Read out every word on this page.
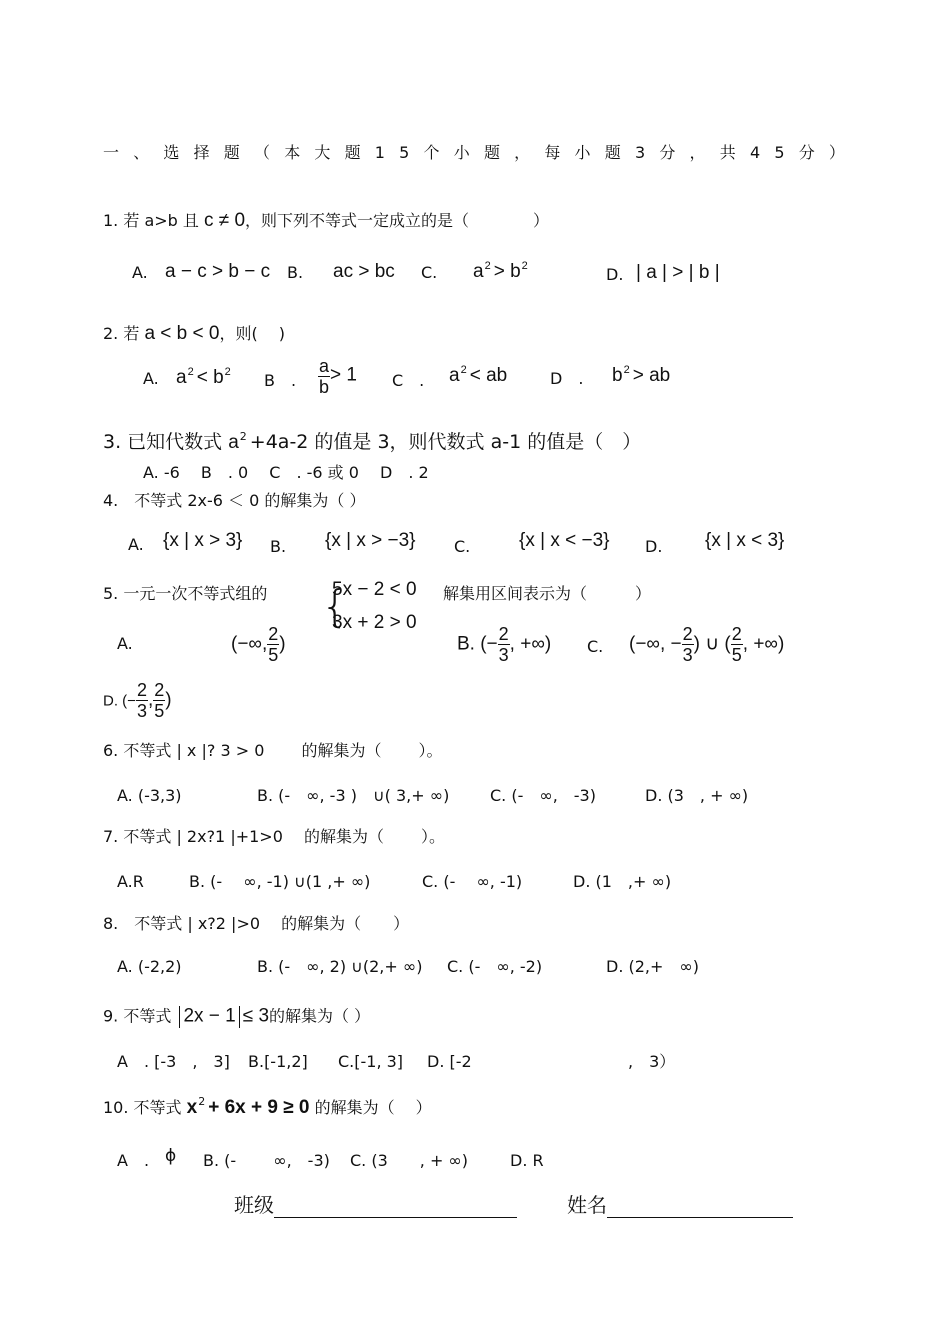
一、选择题（本大题15个小题，每小题3分，共45分）
1. 若 a>b 且 c ≠ 0，则下列不等式一定成立的是（　　　　）
A. a − c > b − c B. ac > bc C. $a^2 > b^2$	D. | a | > | b |
2. 若 a < b < 0，则(　 )
A. $a^2 < b^2$ B　. $\frac{a}{b} > 1$ C　. $a^2$ < ab	D　. $b^2$ > ab
3. 已知代数式 $a^2 +4a-2$ 的值是 3，则代数式 a-1 的值是（　）
A. -6　 B　. 0　 C　. -6 或 0　 D　. 2
4.　不等式 2x-6 ＜ 0 的解集为（ ）
A. {x | x > 3} B. {x | x > −3} C.	{x | x < −3} D. {x | x < 3}
5. 一元一次不等式组的 {
5x − 2 < 0
3x + 2 > 0
解集用区间表示为（　　　）
A.	(−∞, $\frac{2}{5}$ )	B. (− $\frac{2}{3}$ , +∞) C. (−∞, − $\frac{2}{3}$ ) ∪ ( $\frac{2}{5}$ , +∞)
D. (− $\frac{2}{3}$ , $\frac{2}{5}$ )
6. 不等式 | x |? 3 > 0　　 的解集为（　　 ）。
A. (-3,3)	B. (-　∞, -3 )　∪( 3,+ ∞)	C. (-　∞,　-3)	D. (3　, + ∞)
7. 不等式 | 2x?1 |+1>0　 的解集为（　　 ）。
A.R	B. (-　 ∞, -1) ∪(1 ,+ ∞)	C. (-　 ∞, -1)	D. (1　,+ ∞)
8.　不等式 | x?2 |>0　 的解集为（　　）
A. (-2,2)	B. (-　∞, 2) ∪(2,+ ∞) C. (-　∞, -2)	D. (2,+　∞)
9. 不等式 2x − 1 ≤ 3的解集为（ ）
A　. [-3　,　3] B.[-1,2] C.[-1, 3] D. [-2	,　3）
10. 不等式 $x^2 + 6x + 9 \ge 0$ 的解集为（　 ）
A　. ϕ B. (-　　 ∞,　-3) C. (3　　, + ∞)	D. R
班级	姓名
